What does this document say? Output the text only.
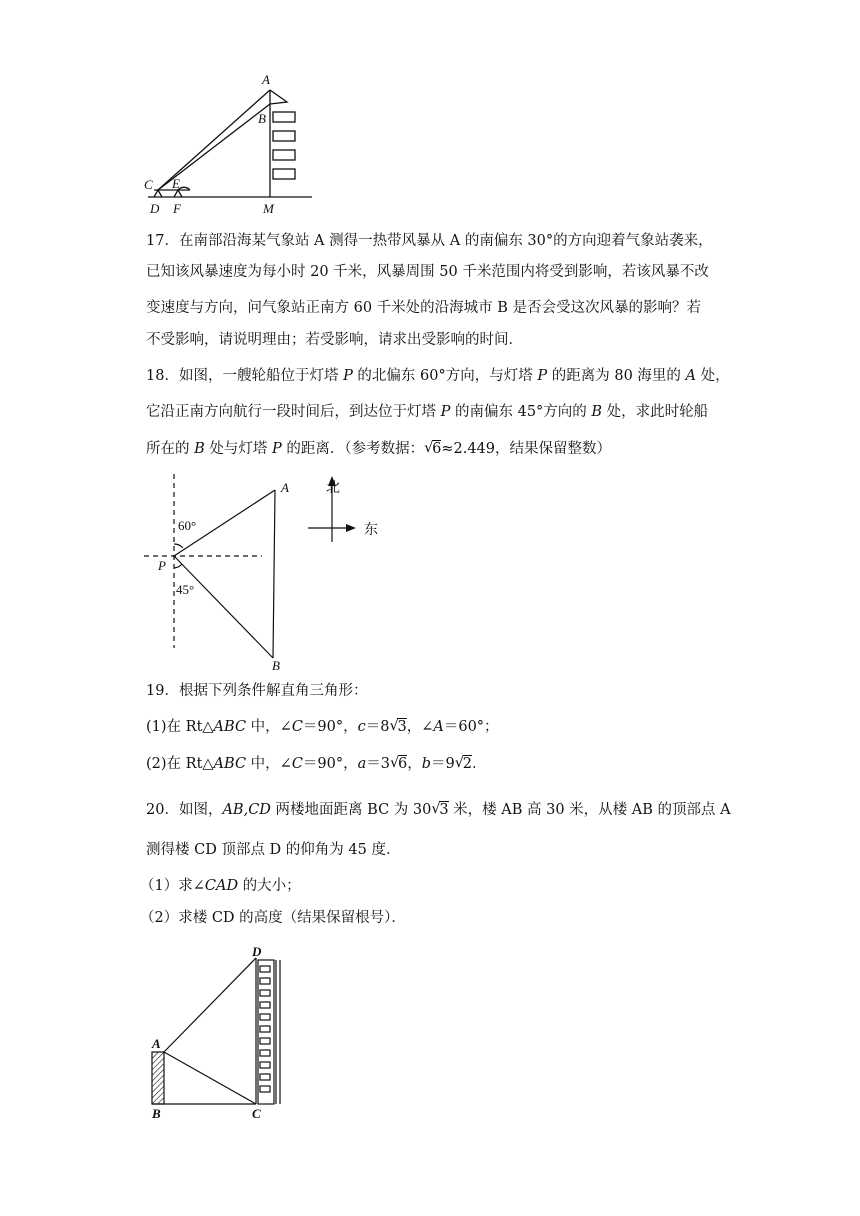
A
B
C E
D F	M
17．在南部沿海某气象站 A 测得一热带风暴从 A 的南偏东 30°的方向迎着气象站袭来，
已知该风暴速度为每小时 20 千米，风暴周围 50 千米范围内将受到影响，若该风暴不改
变速度与方向，问气象站正南方 60 千米处的沿海城市 B 是否会受这次风暴的影响？若
不受影响，请说明理由；若受影响，请求出受影响的时间．
18．如图，一艘轮船位于灯塔 P 的北偏东 60°方向，与灯塔 P 的距离为 80 海里的 A 处，
它沿正南方向航行一段时间后，到达位于灯塔 P 的南偏东 45°方向的 B 处，求此时轮船
所在的 B 处与灯塔 P 的距离．（参考数据： √ 6≈2.449，结果保留整数）
A
B
P
60°
45°
北
东
19．根据下列条件解直角三角形：
(1)在 Rt△ABC 中，∠C＝90°，c＝8 √ 3，∠A＝60°；
(2)在 Rt△ABC 中，∠C＝90°，a＝3 √ 6，b＝9 √ 2．
20．如图，AB,CD 两楼地面距离 BC 为 30 √ 3 米，楼 AB 高 30 米，从楼 AB 的顶部点 A
测得楼 CD 顶部点 D 的仰角为 45 度．
（1）求∠CAD 的大小；
（2）求楼 CD 的高度（结果保留根号）．
D
A
B	C
